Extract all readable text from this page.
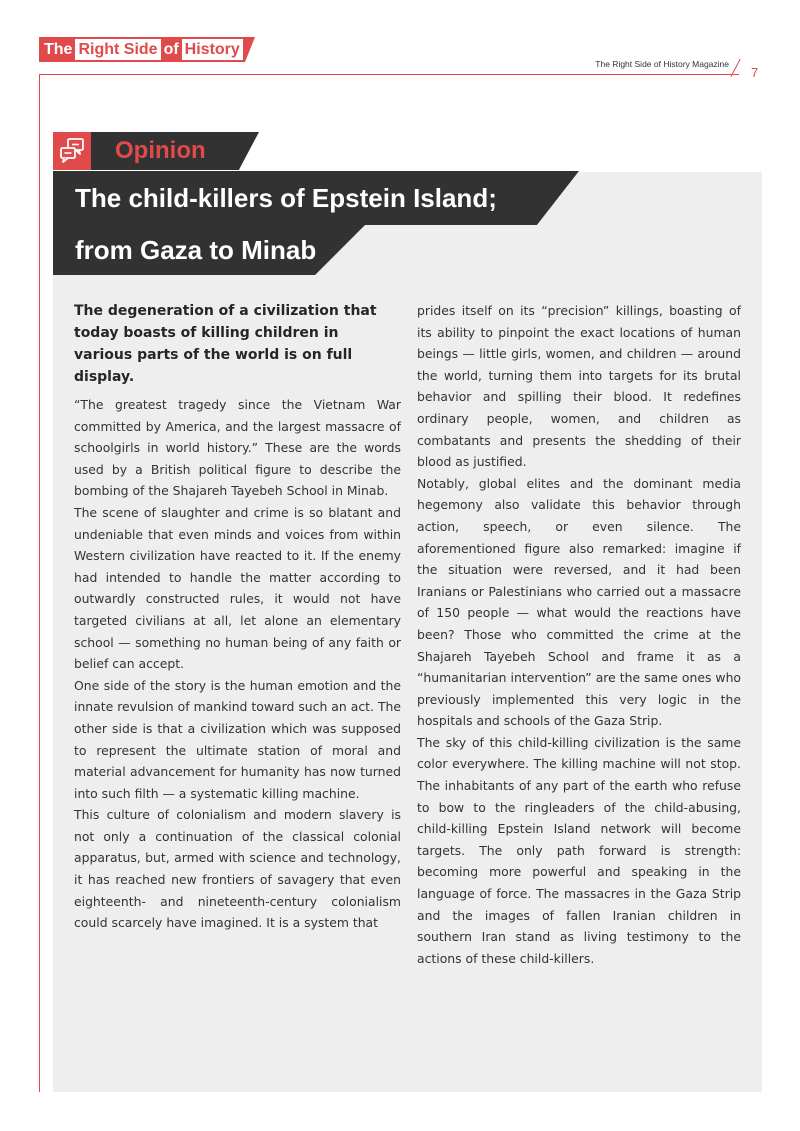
The Right Side of History
The Right Side of History Magazine
7
Opinion
The child-killers of Epstein Island;
from Gaza to Minab

The degeneration of a civilization that today boasts of killing children in various parts of the world is on full display.

“The greatest tragedy since the Vietnam War committed by America, and the largest massacre of schoolgirls in world history.” These are the words used by a British political figure to describe the bombing of the Shajareh Tayebeh School in Minab.

The scene of slaughter and crime is so blatant and undeniable that even minds and voices from within Western civilization have reacted to it. If the enemy had intended to handle the matter according to outwardly constructed rules, it would not have targeted civilians at all, let alone an elementary school — something no human being of any faith or belief can accept.

One side of the story is the human emotion and the innate revulsion of mankind toward such an act. The other side is that a civilization which was supposed to represent the ultimate station of moral and material advancement for humanity has now turned into such filth — a systematic killing machine.

This culture of colonialism and modern slavery is not only a continuation of the classical colonial apparatus, but, armed with science and technology, it has reached new frontiers of savagery that even eighteenth- and nineteenth-century colonialism could scarcely have imagined. It is a system that

prides itself on its “precision” killings, boasting of its ability to pinpoint the exact locations of human beings — little girls, women, and children — around the world, turning them into targets for its brutal behavior and spilling their blood. It redefines ordinary people, women, and children as combatants and presents the shedding of their blood as justified.

Notably, global elites and the dominant media hegemony also validate this behavior through action, speech, or even silence. The aforementioned figure also remarked: imagine if the situation were reversed, and it had been Iranians or Palestinians who carried out a massacre of 150 people — what would the reactions have been? Those who committed the crime at the Shajareh Tayebeh School and frame it as a “humanitarian intervention” are the same ones who previously implemented this very logic in the hospitals and schools of the Gaza Strip.

The sky of this child-killing civilization is the same color everywhere. The killing machine will not stop. The inhabitants of any part of the earth who refuse to bow to the ringleaders of the child-abusing, child-killing Epstein Island network will become targets. The only path forward is strength: becoming more powerful and speaking in the language of force. The massacres in the Gaza Strip and the images of fallen Iranian children in southern Iran stand as living testimony to the actions of these child-killers.
